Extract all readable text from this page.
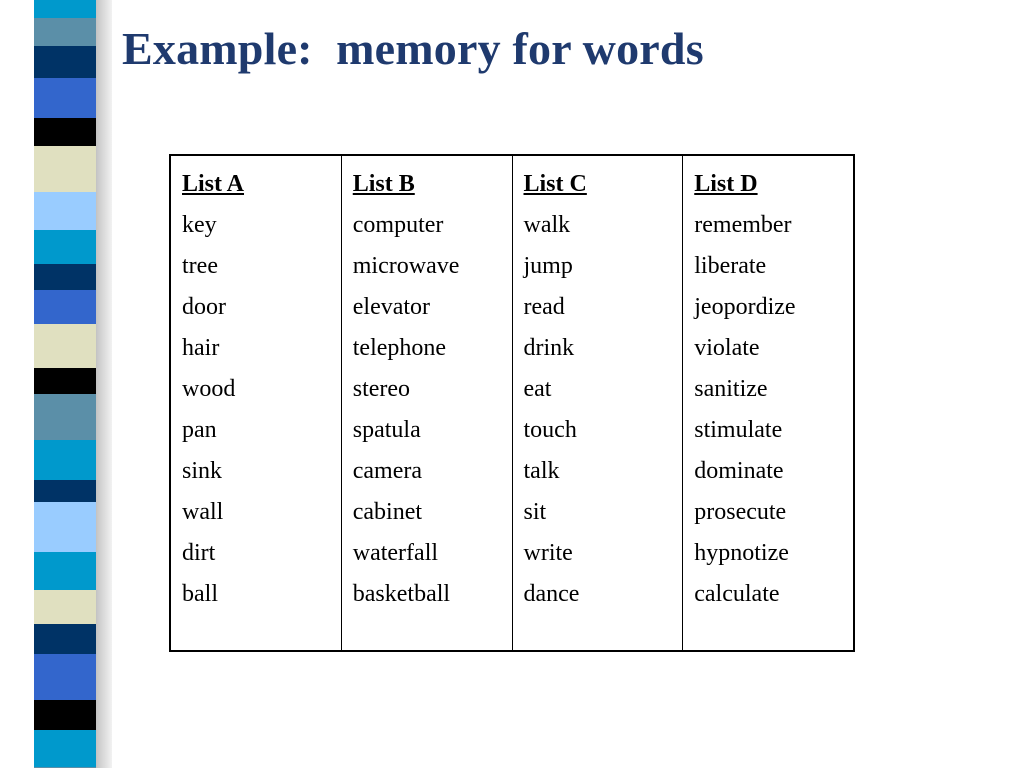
Example:  memory for words
List A
key
tree
door
hair
wood
pan
sink
wall
dirt
ball
List B
computer
microwave
elevator
telephone
stereo
spatula
camera
cabinet
waterfall
basketball
List C
walk
jump
read
drink
eat
touch
talk
sit
write
dance
List D
remember
liberate
jeopordize
violate
sanitize
stimulate
dominate
prosecute
hypnotize
calculate
